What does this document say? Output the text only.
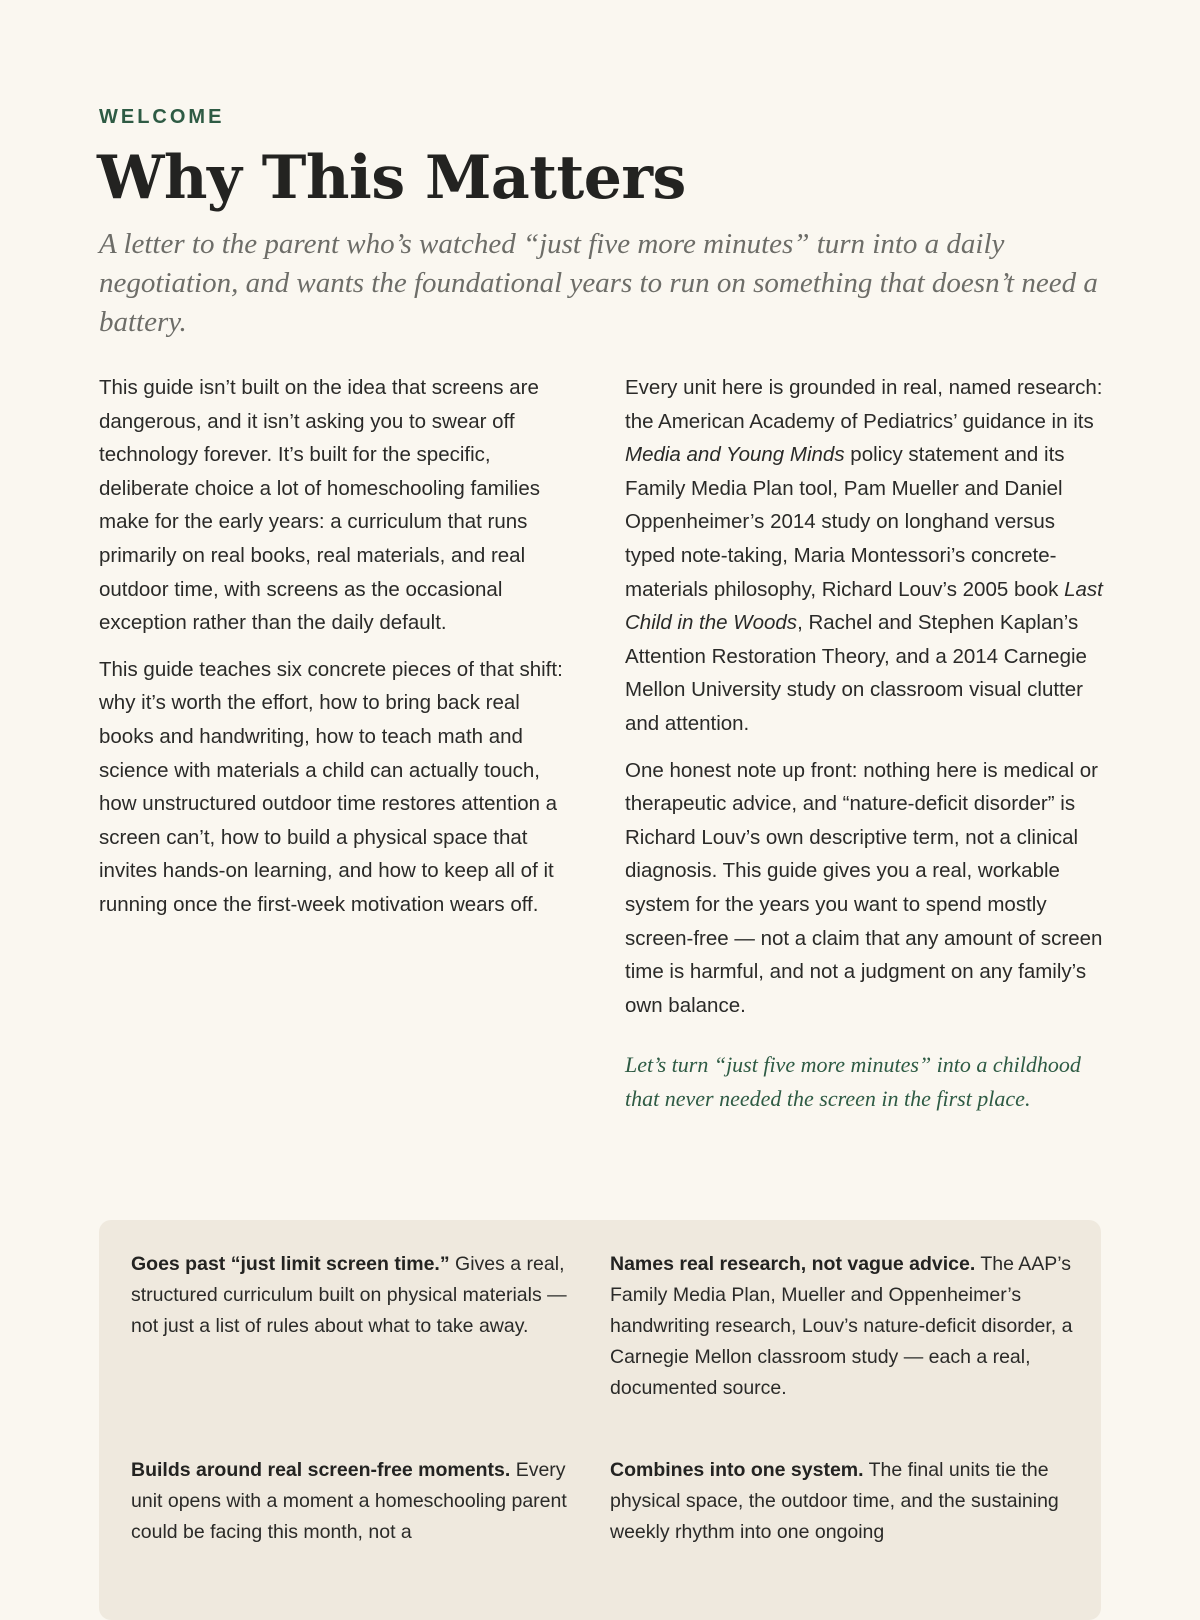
WELCOME

Why This Matters

A letter to the parent who’s watched “just five more minutes” turn into a daily negotiation, and wants the foundational years to run on something that doesn’t need a battery.

This guide isn’t built on the idea that screens are dangerous, and it isn’t asking you to swear off technology forever. It’s built for the specific, deliberate choice a lot of homeschooling families make for the early years: a curriculum that runs primarily on real books, real materials, and real outdoor time, with screens as the occasional exception rather than the daily default.

This guide teaches six concrete pieces of that shift: why it’s worth the effort, how to bring back real books and handwriting, how to teach math and science with materials a child can actually touch, how unstructured outdoor time restores attention a screen can’t, how to build a physical space that invites hands-on learning, and how to keep all of it running once the first-week motivation wears off.

Every unit here is grounded in real, named research: the American Academy of Pediatrics’ guidance in its Media and Young Minds policy statement and its Family Media Plan tool, Pam Mueller and Daniel Oppenheimer’s 2014 study on longhand versus typed note-taking, Maria Montessori’s concrete-materials philosophy, Richard Louv’s 2005 book Last Child in the Woods, Rachel and Stephen Kaplan’s Attention Restoration Theory, and a 2014 Carnegie Mellon University study on classroom visual clutter and attention.

One honest note up front: nothing here is medical or therapeutic advice, and “nature-deficit disorder” is Richard Louv’s own descriptive term, not a clinical diagnosis. This guide gives you a real, workable system for the years you want to spend mostly screen-free — not a claim that any amount of screen time is harmful, and not a judgment on any family’s own balance.

Let’s turn “just five more minutes” into a childhood that never needed the screen in the first place.

Goes past “just limit screen time.” Gives a real, structured curriculum built on physical materials — not just a list of rules about what to take away.

Names real research, not vague advice. The AAP’s Family Media Plan, Mueller and Oppenheimer’s handwriting research, Louv’s nature-deficit disorder, a Carnegie Mellon classroom study — each a real, documented source.

Builds around real screen-free moments. Every unit opens with a moment a homeschooling parent could be facing this month, not a

Combines into one system. The final units tie the physical space, the outdoor time, and the sustaining weekly rhythm into one ongoing
